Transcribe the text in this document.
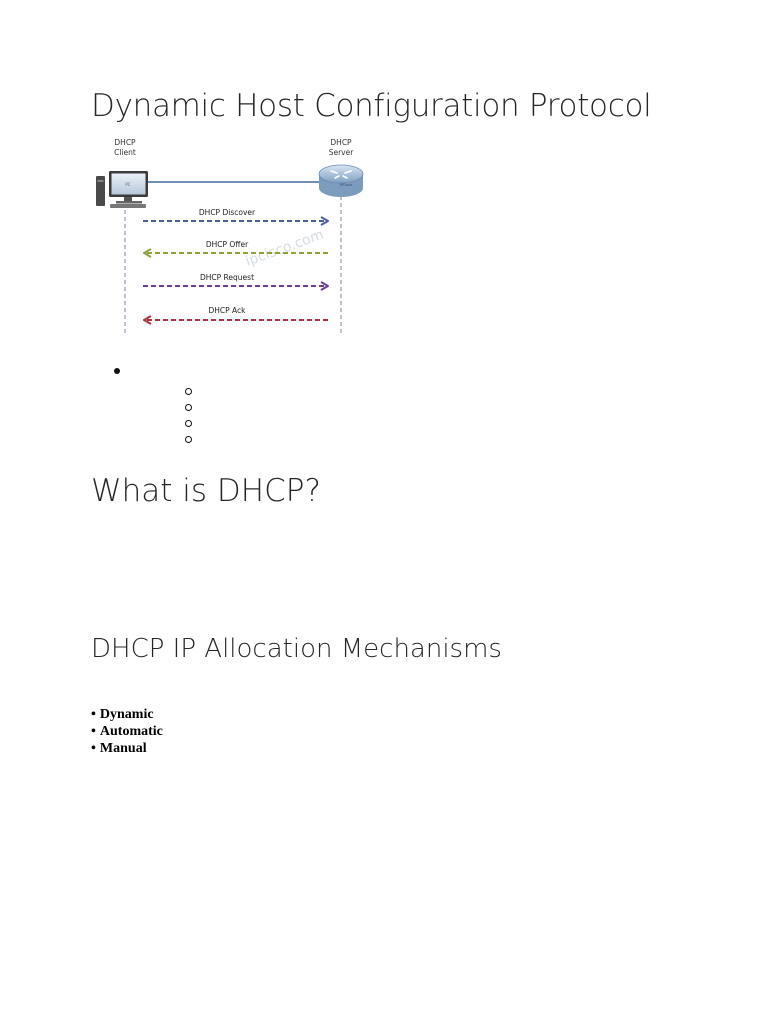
Dynamic Host Configuration Protocol
DHCP
Client
DHCP
Server
PC	IPCisco
ipcisco.com
DHCP Discover
DHCP Offer
DHCP Request
DHCP Ack
What is DHCP?
DHCP IP Allocation Mechanisms
• Dynamic
• Automatic
• Manual
